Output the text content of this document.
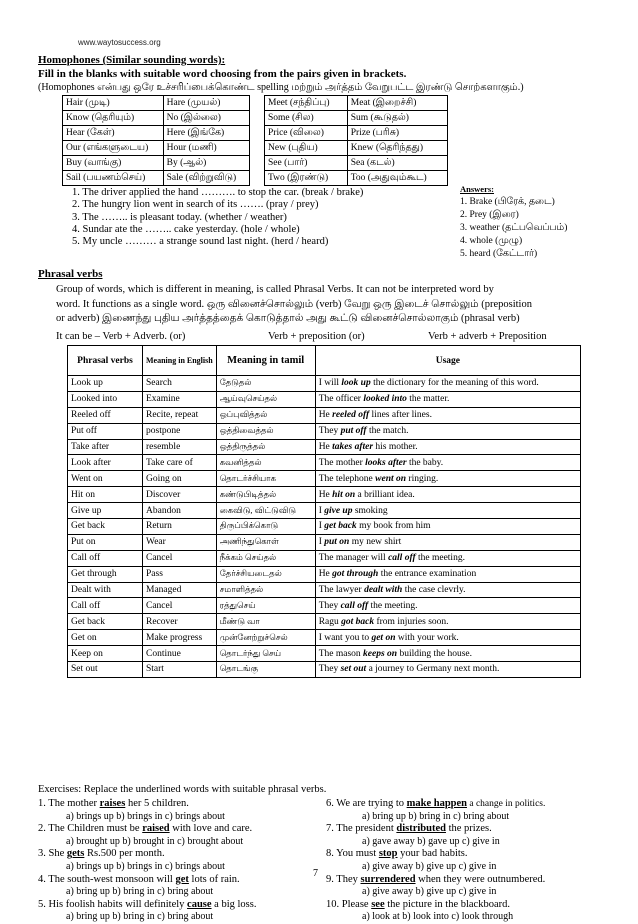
www.waytosuccess.org
Homophones (Similar sounding words):
Fill in the blanks with suitable word choosing from the pairs given in brackets.
(Homophones என்பது ஒரே உச்சரிப்பைக்கொண்ட spelling மற்றும் அர்த்தம் வேறுபட்ட இரண்டு சொற்களாகும்.)
Hair (முடி)	Hare (முயல்)
Know (தெரியும்)	No (இல்லை)
Hear (கேள்)	Here (இங்கே)
Our (எங்களுடைய)	Hour (மணி)
Buy (வாங்கு)	By (ஆல்)
Sail (பயணம்செய்)	Sale (விற்றுவிடு)
Meet (சந்திப்பு)	Meat (இறைச்சி)
Some (சில)	Sum (கூடுதல்)
Price (விலை)	Prize (பரிசு)
New (புதிய)	Knew (தெரிந்தது)
See (பார்)	Sea (கடல்)
Two (இரண்டு)	Too (அதுவும்கூட)
1. The driver applied the hand ………. to stop the car. (break / brake)
2. The hungry lion went in search of its ……. (pray / prey)
3. The …….. is pleasant today. (whether / weather)
4. Sundar ate the …….. cake yesterday. (hole / whole)
5. My uncle ……… a strange sound last night. (herd / heard)
Answers:
1. Brake (பிரேக், தடை)
2. Prey (இரை)
3. weather (தட்பவெப்பம்)
4. whole (முழு)
5. heard (கேட்டார்)
Phrasal verbs
Group of words, which is different in meaning, is called Phrasal Verbs. It can not be interpreted word by
word. It functions as a single word. ஒரு வினைச்சொல்லும் (verb) வேறு ஒரு இடைச் சொல்லும் (preposition
or adverb) இணைந்து புதிய அர்த்தத்தைக் கொடுத்தால் அது கூட்டு வினைச்சொல்லாகும் (phrasal verb)
It can be – Verb + Adverb. (or)	Verb + preposition (or)	Verb + adverb + Preposition
Phrasal verbs	Meaning in English	Meaning in tamil	Usage
Look up	Search	தேடுதல்	I will look up the dictionary for the meaning of this word.
Looked into	Examine	ஆய்வுசெய்தல்	The officer looked into the matter.
Reeled off	Recite, repeat	ஒப்புவித்தல்	He reeled off lines after lines.
Put off	postpone	ஒத்திவைத்தல்	They put off the match.
Take after	resemble	ஒத்திருத்தல்	He takes after his mother.
Look after	Take care of	கவனித்தல்	The mother looks after the baby.
Went on	Going on	தொடர்ச்சியாக	The telephone went on ringing.
Hit on	Discover	கண்டுபிடித்தல்	He hit on a brilliant idea.
Give up	Abandon	கைவிடு, விட்டுவிடு	I give up smoking
Get back	Return	திருப்பிக்கொடு	I get back my book from him
Put on	Wear	அணிந்துகொள்	I put on my new shirt
Call off	Cancel	நீக்கம் செய்தல்	The manager will call off the meeting.
Get through	Pass	தேர்ச்சியடைதல்	He got through the entrance examination
Dealt with	Managed	சமாளித்தல்	The lawyer dealt with the case clevrly.
Call off	Cancel	ரத்துசெய்	They call off the meeting.
Get back	Recover	மீண்டு வா	Ragu got back from injuries soon.
Get on	Make progress	முன்னேற்றுச்செல்	I want you to get on with your work.
Keep on	Continue	தொடர்ந்து செய்	The mason keeps on building the house.
Set out	Start	தொடங்கு	They set out a journey to Germany next month.
Exercises: Replace the underlined words with suitable phrasal verbs.
1. The mother raises her 5 children.
a) brings up b) brings in c) brings about
2. The Children must be raised with love and care.
a) brought up b) brought in c) brought about
3. She gets Rs.500 per month.
a) brings up b) brings in c) brings about
4. The south-west monsoon will get lots of rain.
a) bring up b) bring in c) bring about
5. His foolish habits will definitely cause a big loss.
a) bring up b) bring in c) bring about
6. We are trying to make happen a change in politics.
a) bring up b) bring in c) bring about
7. The president distributed the prizes.
a) gave away b) gave up c) give in
8. You must stop your bad habits.
a) give away b) give up c) give in
9. They surrendered when they were outnumbered.
a) give away b) give up c) give in
10. Please see the picture in the blackboard.
a) look at b) look into c) look through
7
